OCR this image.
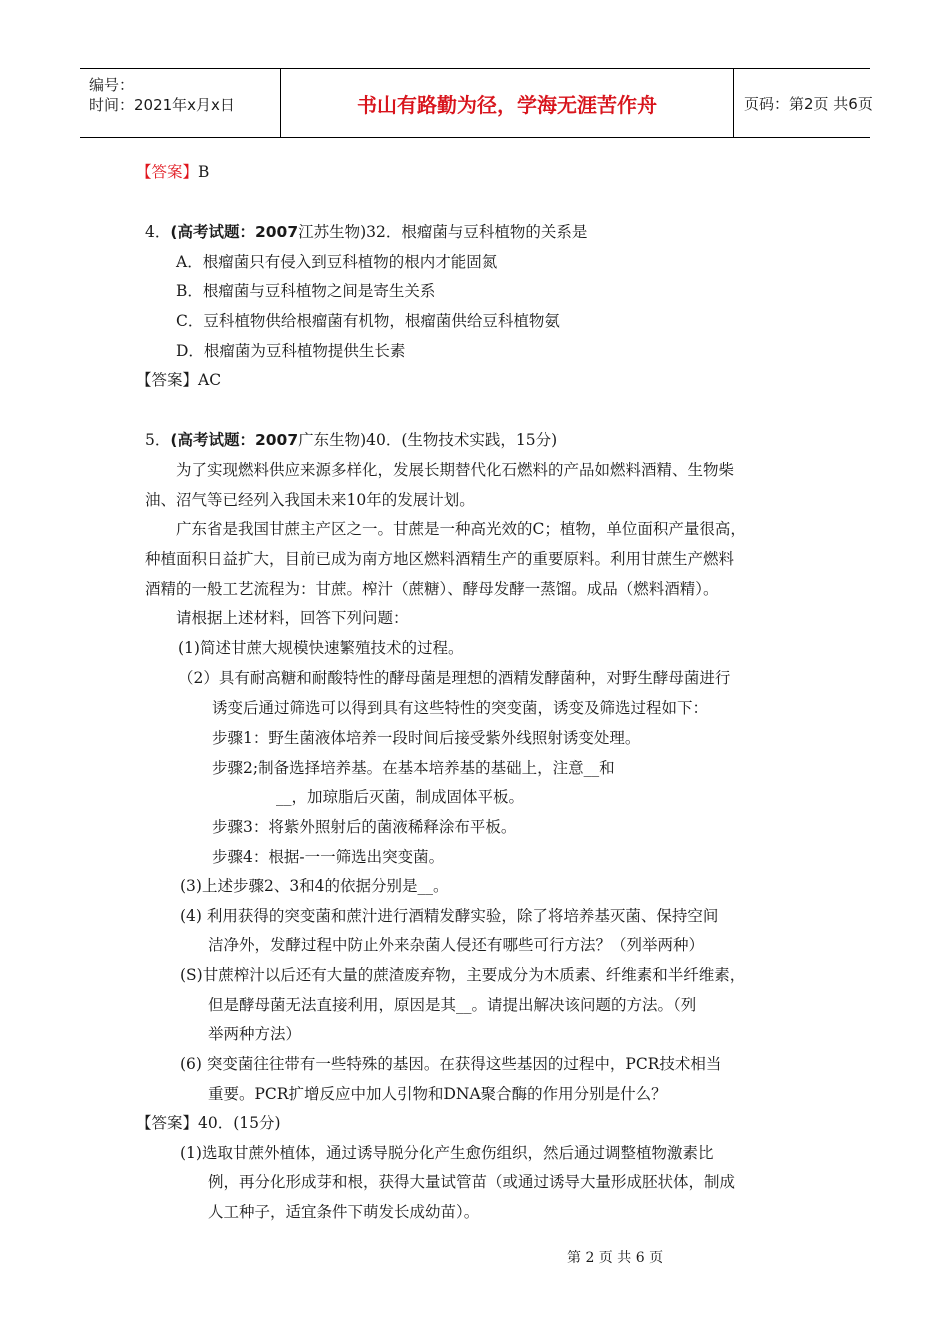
编号：
时间：2021年x月x日	书山有路勤为径，学海无涯苦作舟	页码：第2页 共6页
【答案】B
4．(高考试题：2007江苏生物)32．根瘤菌与豆科植物的关系是
A．根瘤菌只有侵入到豆科植物的根内才能固氮
B．根瘤菌与豆科植物之间是寄生关系
C．豆科植物供给根瘤菌有机物，根瘤菌供给豆科植物氨
D．根瘤菌为豆科植物提供生长素
【答案】AC
5．(高考试题：2007广东生物)40．(生物技术实践，15分)
为了实现燃料供应来源多样化，发展长期替代化石燃料的产品如燃料酒精、生物柴
油、沼气等已经列入我国未来10年的发展计划。
广东省是我国甘蔗主产区之一。甘蔗是一种高光效的C；植物，单位面积产量很高，
种植面积日益扩大，目前已成为南方地区燃料酒精生产的重要原料。利用甘蔗生产燃料
酒精的一般工艺流程为：甘蔗。榨汁（蔗糖）、酵母发酵一蒸馏。成品（燃料酒精）。
请根据上述材料，回答下列问题：
(1)简述甘蔗大规模快速繁殖技术的过程。
（2）具有耐高糖和耐酸特性的酵母菌是理想的酒精发酵菌种，对野生酵母菌进行
诱变后通过筛选可以得到具有这些特性的突变菌，诱变及筛选过程如下：
步骤1：野生菌液体培养一段时间后接受紫外线照射诱变处理。
步骤2;制备选择培养基。在基本培养基的基础上，注意__和
__，加琼脂后灭菌，制成固体平板。
步骤3：将紫外照射后的菌液稀释涂布平板。
步骤4：根据-一一筛选出突变菌。
(3)上述步骤2、3和4的依据分别是__。
(4) 利用获得的突变菌和蔗汁进行酒精发酵实验，除了将培养基灭菌、保持空间
洁净外，发酵过程中防止外来杂菌人侵还有哪些可行方法？（列举两种）
(S)甘蔗榨汁以后还有大量的蔗渣废弃物，主要成分为木质素、纤维素和半纤维素，
但是酵母菌无法直接利用，原因是其__。请提出解决该问题的方法。（列
举两种方法）
(6) 突变菌往往带有一些特殊的基因。在获得这些基因的过程中，PCR技术相当
重要。PCR扩增反应中加人引物和DNA聚合酶的作用分别是什么？
【答案】40．(15分)
(1)选取甘蔗外植体，通过诱导脱分化产生愈伤组织，然后通过调整植物激素比
例，再分化形成芽和根，获得大量试管苗（或通过诱导大量形成胚状体，制成
人工种子，适宜条件下萌发长成幼苗）。
第 2 页 共 6 页
